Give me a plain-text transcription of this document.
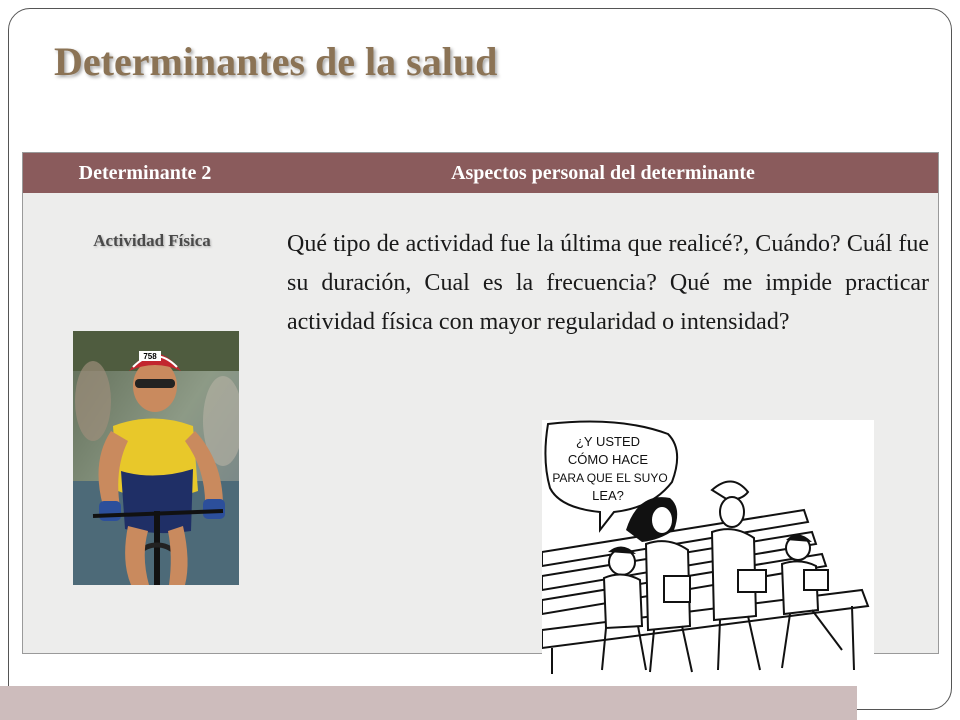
Determinantes de la salud
Determinante 2	Aspectos personal del determinante
Actividad Física	Qué tipo de actividad fue la última que realicé?, Cuándo? Cuál fue su duración, Cual es la frecuencia? Qué me impide practicar actividad física con mayor regularidad o intensidad?

758
¿Y USTED
CÓMO HACE
PARA QUE EL SUYO
LEA?
